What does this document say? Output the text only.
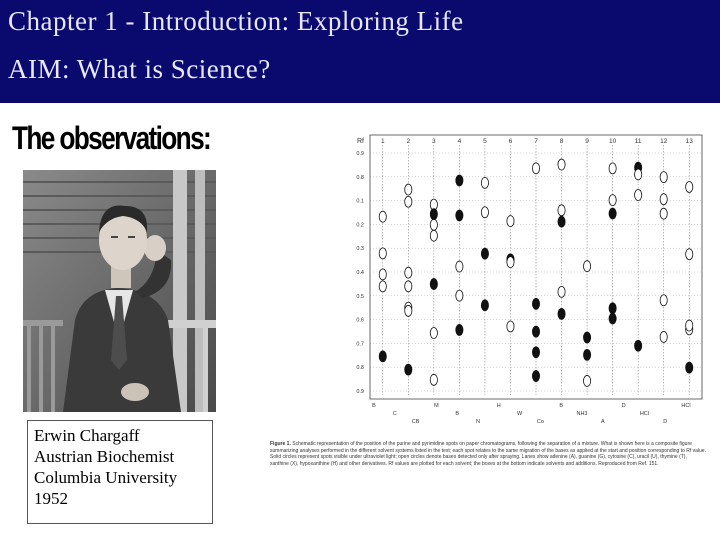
Chapter 1 - Introduction: Exploring Life
AIM: What is Science?
The observations:
Erwin Chargaff
Austrian Biochemist
Columbia University
1952
Rf	1	2	3	4	5	6	7	8	9	10	11	12	13
0.9
0.8
0.1
0.2
0.3
0.4
0.5
0.6
0.7
0.8
0.9
B
C
CB
M
B
N
H
W
Co
B
NH3
A
D
HCl
D
HCl
Figure 1. Schematic representation of the position of the purine and pyrimidine spots on paper chromatograms, following the separation of a mixture. What is shown here is a composite figure summarizing analyses performed in the different solvent systems listed in the text; each spot relates to the same migration of the bases as applied at the start and position corresponding to Rf value. Solid circles represent spots visible under ultraviolet light; open circles denote bases detected only after spraying. Lanes show adenine (A), guanine (G), cytosine (C), uracil (U), thymine (T), xanthine (X), hypoxanthine (H) and other derivatives. Rf values are plotted for each solvent; the boxes at the bottom indicate solvents and additions. Reproduced from Ref. 151.
